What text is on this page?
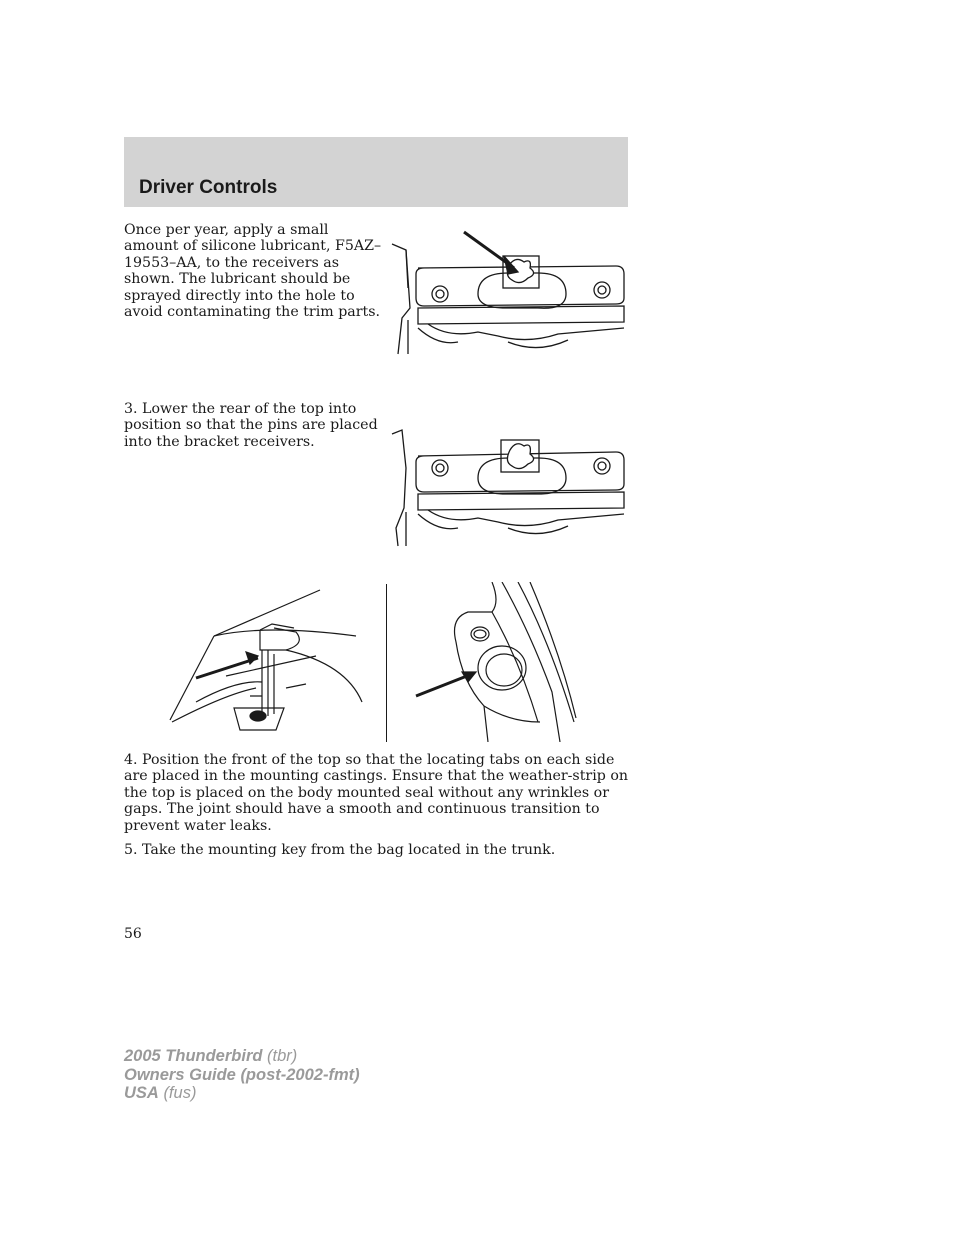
Driver Controls

Once per year, apply a small amount of silicone lubricant, F5AZ–19553–AA, to the receivers as shown. The lubricant should be sprayed directly into the hole to avoid contaminating the trim parts.

3. Lower the rear of the top into position so that the pins are placed into the bracket receivers.

4. Position the front of the top so that the locating tabs on each side are placed in the mounting castings. Ensure that the weather-strip on the top is placed on the body mounted seal without any wrinkles or gaps. The joint should have a smooth and continuous transition to prevent water leaks.

5. Take the mounting key from the bag located in the trunk.

56
2005 Thunderbird (tbr)
Owners Guide (post-2002-fmt)
USA (fus)
